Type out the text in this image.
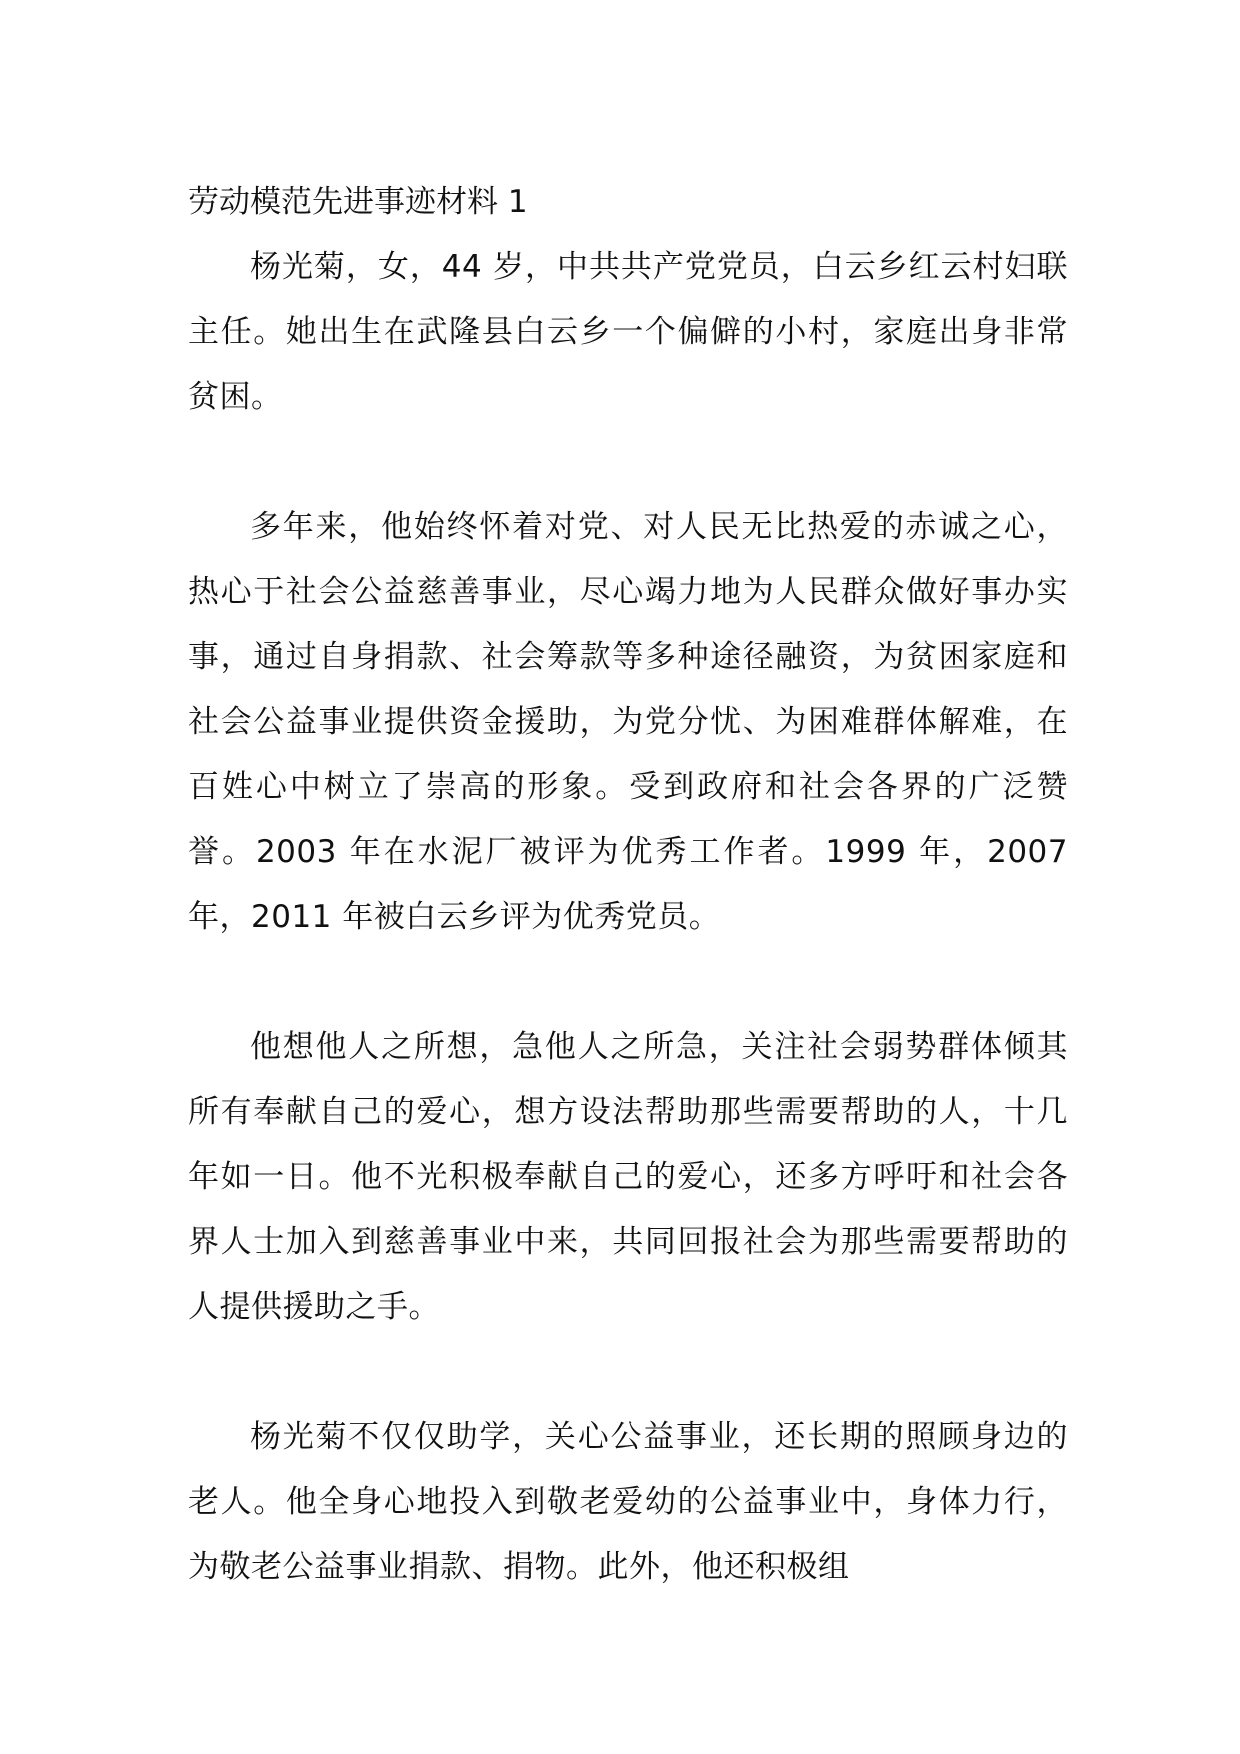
劳动模范先进事迹材料 1

杨光菊，女，44 岁，中共共产党党员，白云乡红云村妇联主任。她出生在武隆县白云乡一个偏僻的小村，家庭出身非常贫困。

多年来，他始终怀着对党、对人民无比热爱的赤诚之心，热心于社会公益慈善事业，尽心竭力地为人民群众做好事办实事，通过自身捐款、社会筹款等多种途径融资，为贫困家庭和社会公益事业提供资金援助，为党分忧、为困难群体解难，在百姓心中树立了崇高的形象。受到政府和社会各界的广泛赞誉。2003 年在水泥厂被评为优秀工作者。1999 年，2007 年，2011 年被白云乡评为优秀党员。

他想他人之所想，急他人之所急，关注社会弱势群体倾其所有奉献自己的爱心，想方设法帮助那些需要帮助的人，十几年如一日。他不光积极奉献自己的爱心，还多方呼吁和社会各界人士加入到慈善事业中来，共同回报社会为那些需要帮助的人提供援助之手。

杨光菊不仅仅助学，关心公益事业，还长期的照顾身边的老人。他全身心地投入到敬老爱幼的公益事业中，身体力行，为敬老公益事业捐款、捐物。此外，他还积极组
